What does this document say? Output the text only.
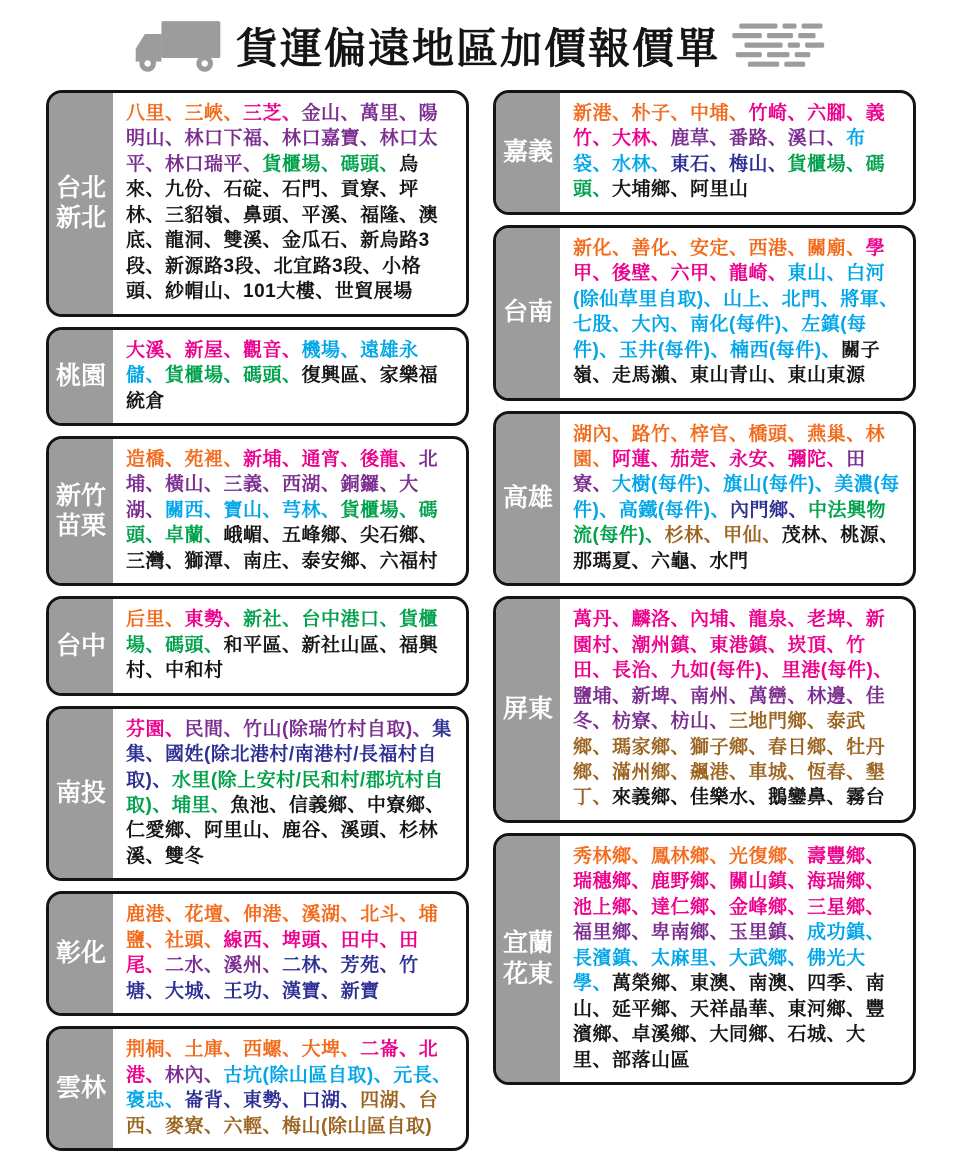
貨運偏遠地區加價報價單
台北
新北
八里、三峽、三芝、金山、萬里、陽明山、林口下福、林口嘉寶、林口太平、林口瑞平、貨櫃場、碼頭、烏來、九份、石碇、石門、貢寮、坪林、三貂嶺、鼻頭、平溪、福隆、澳底、龍洞、雙溪、金瓜石、新烏路3段、新源路3段、北宜路3段、小格頭、紗帽山、101大樓、世貿展場
桃園
大溪、新屋、觀音、機場、遠雄永儲、貨櫃場、碼頭、復興區、家樂福統倉
新竹
苗栗
造橋、苑裡、新埔、通宵、後龍、北埔、橫山、三義、西湖、銅鑼、大湖、關西、寶山、芎林、貨櫃場、碼頭、卓蘭、峨嵋、五峰鄉、尖石鄉、三灣、獅潭、南庄、泰安鄉、六福村
台中
后里、東勢、新社、台中港口、貨櫃場、碼頭、和平區、新社山區、福興村、中和村
南投
芬園、民間、竹山(除瑞竹村自取)、集集、國姓(除北港村/南港村/長福村自取)、水里(除上安村/民和村/郡坑村自取)、埔里、魚池、信義鄉、中寮鄉、仁愛鄉、阿里山、鹿谷、溪頭、杉林溪、雙冬
彰化
鹿港、花壇、伸港、溪湖、北斗、埔鹽、社頭、線西、埤頭、田中、田尾、二水、溪州、二林、芳苑、竹塘、大城、王功、漢寶、新寶
雲林
荆桐、土庫、西螺、大埤、二崙、北港、林內、古坑(除山區自取)、元長、褒忠、崙背、東勢、口湖、四湖、台西、麥寮、六輕、梅山(除山區自取)
嘉義
新港、朴子、中埔、竹崎、六腳、義竹、大林、鹿草、番路、溪口、布袋、水林、東石、梅山、貨櫃場、碼頭、大埔鄉、阿里山
台南
新化、善化、安定、西港、關廟、學甲、後壁、六甲、龍崎、東山、白河(除仙草里自取)、山上、北門、將軍、七股、大內、南化(每件)、左鎮(每件)、玉井(每件)、楠西(每件)、關子嶺、走馬瀨、東山青山、東山東源
高雄
湖內、路竹、梓官、橋頭、燕巢、林園、阿蓮、茄萣、永安、彌陀、田寮、大樹(每件)、旗山(每件)、美濃(每件)、高鐵(每件)、內門鄉、中法興物流(每件)、杉林、甲仙、茂林、桃源、那瑪夏、六龜、水門
屏東
萬丹、麟洛、內埔、龍泉、老埤、新園村、潮州鎮、東港鎮、崁頂、竹田、長治、九如(每件)、里港(每件)、鹽埔、新埤、南州、萬巒、林邊、佳冬、枋寮、枋山、三地門鄉、泰武鄉、瑪家鄉、獅子鄉、春日鄉、牡丹鄉、滿州鄉、飆港、車城、恆春、墾丁、來義鄉、佳樂水、鵝鑾鼻、霧台
宜蘭
花東
秀林鄉、鳳林鄉、光復鄉、壽豐鄉、瑞穗鄉、鹿野鄉、關山鎮、海瑞鄉、池上鄉、達仁鄉、金峰鄉、三星鄉、福里鄉、卑南鄉、玉里鎮、成功鎮、長濱鎮、太麻里、大武鄉、佛光大學、萬榮鄉、東澳、南澳、四季、南山、延平鄉、天祥晶華、東河鄉、豐濱鄉、卓溪鄉、大同鄉、石城、大里、部落山區
